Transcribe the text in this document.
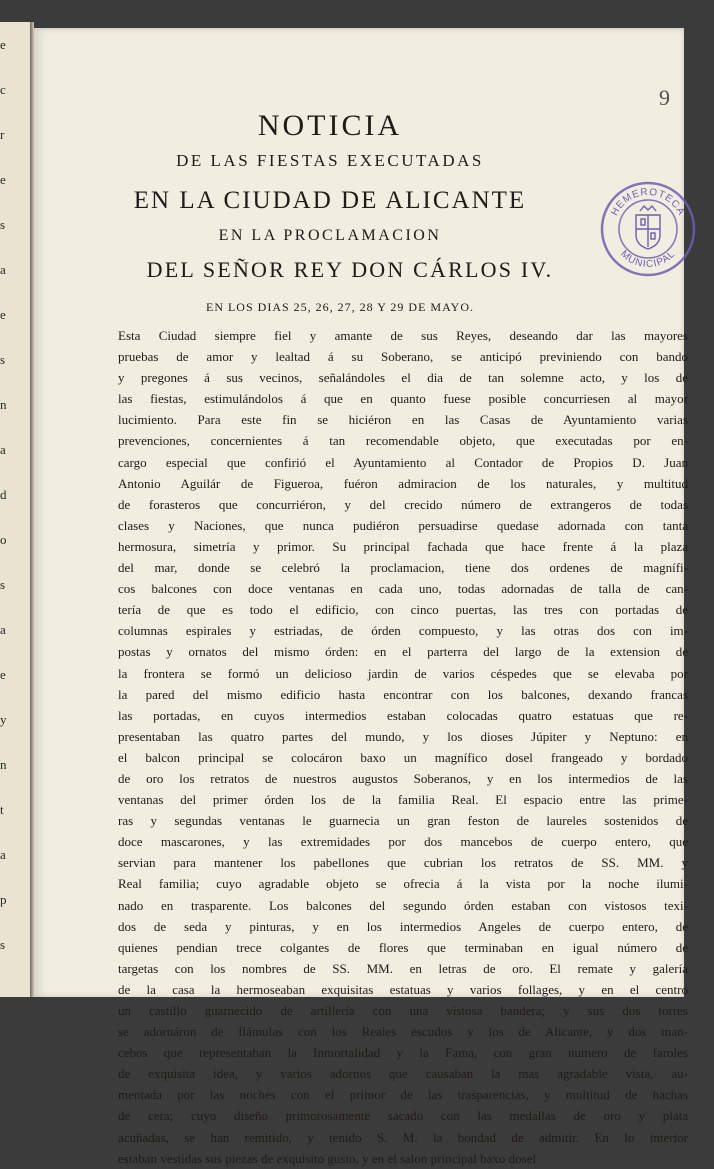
e
c
r
e
s
a
e
s
n
a
d
o
s
a
e
y
n
t
a
p
s
9
HEMEROTECA
MUNICIPAL
NOTICIA
DE LAS FIESTAS EXECUTADAS
EN LA CIUDAD DE ALICANTE
EN LA PROCLAMACION
DEL SEÑOR REY DON CÁRLOS IV.
EN LOS DIAS 25, 26, 27, 28 Y 29 DE MAYO.
Esta Ciudad siempre fiel y amante de sus Reyes, deseando dar las mayores
pruebas de amor y lealtad á su Soberano, se anticipó previniendo con bando
y pregones á sus vecinos, señalándoles el dia de tan solemne acto, y los de
las fiestas, estimulándolos á que en quanto fuese posible concurriesen al mayor
lucimiento. Para este fin se hiciéron en las Casas de Ayuntamiento varias
prevenciones, concernientes á tan recomendable objeto, que executadas por en-
cargo especial que confirió el Ayuntamiento al Contador de Propios D. Juan
Antonio Aguilár de Figueroa, fuéron admiracion de los naturales, y multitud
de forasteros que concurriéron, y del crecido número de extrangeros de todas
clases y Naciones, que nunca pudiéron persuadirse quedase adornada con tanta
hermosura, simetría y primor. Su principal fachada que hace frente á la plaza
del mar, donde se celebró la proclamacion, tiene dos ordenes de magnífi-
cos balcones con doce ventanas en cada uno, todas adornadas de talla de can-
tería de que es todo el edificio, con cinco puertas, las tres con portadas de
columnas espirales y estriadas, de órden compuesto, y las otras dos con im-
postas y ornatos del mismo órden: en el parterra del largo de la extension de
la frontera se formó un delicioso jardin de varios céspedes que se elevaba por
la pared del mismo edificio hasta encontrar con los balcones, dexando francas
las portadas, en cuyos intermedios estaban colocadas quatro estatuas que re-
presentaban las quatro partes del mundo, y los dioses Júpiter y Neptuno: en
el balcon principal se colocáron baxo un magnífico dosel frangeado y bordado
de oro los retratos de nuestros augustos Soberanos, y en los intermedios de las
ventanas del primer órden los de la familia Real. El espacio entre las prime-
ras y segundas ventanas le guarnecia un gran feston de laureles sostenidos de
doce mascarones, y las extremidades por dos mancebos de cuerpo entero, que
servian para mantener los pabellones que cubrian los retratos de SS. MM. y
Real familia; cuyo agradable objeto se ofrecia á la vista por la noche ilumi-
nado en trasparente. Los balcones del segundo órden estaban con vistosos texi-
dos de seda y pinturas, y en los intermedios Angeles de cuerpo entero, de
quienes pendian trece colgantes de flores que terminaban en igual número de
targetas con los nombres de SS. MM. en letras de oro. El remate y galería
de la casa la hermoseaban exquisitas estatuas y varios follages, y en el centro
un castillo guarnecido de artillería con una vistosa bandera; y sus dos torres
se adornáron de flámulas con los Reales escudos y los de Alicante, y dos man-
cebos que representaban la Inmortalidad y la Fama, con gran numero de faroles
de exquisita idea, y varios adornos que causaban la mas agradable vista, au-
mentada por las noches con el primor de las trasparencias, y multitud de hachas
de cera; cuyo diseño primorosamente sacado con las medallas de oro y plata
acuñadas, se han remitido, y tenido S. M. la bondad de admitir. En lo interior
estaban vestidas sus piezas de exquisito gusto, y en el salon principal baxo dosel
